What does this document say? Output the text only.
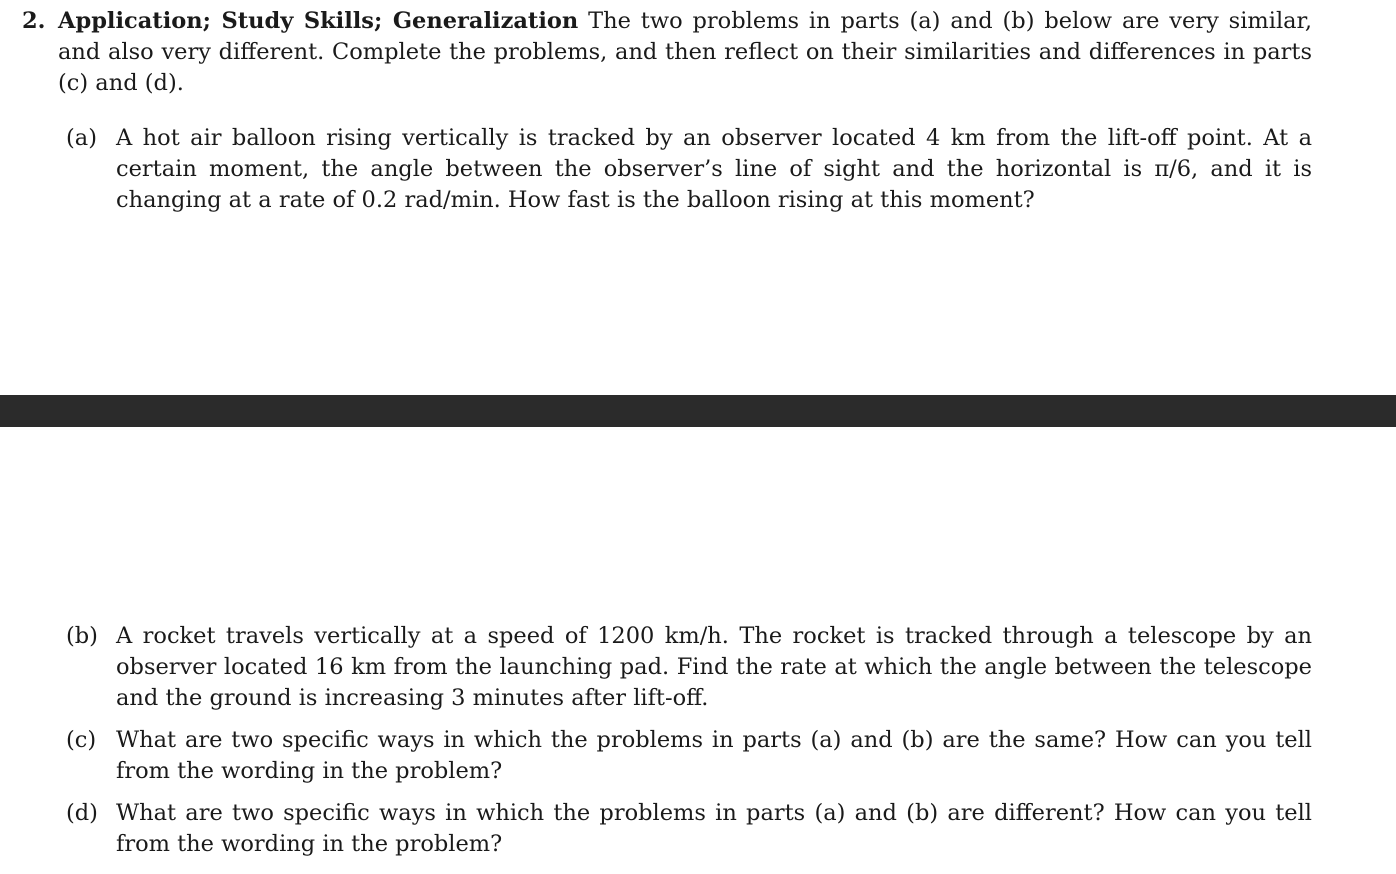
2. Application; Study Skills; Generalization The two problems in parts (a) and (b) below are very similar, and also very different. Complete the problems, and then reflect on their similarities and differences in parts (c) and (d).
(a) A hot air balloon rising vertically is tracked by an observer located 4 km from the lift-off point. At a certain moment, the angle between the observer’s line of sight and the horizontal is π/6, and it is changing at a rate of 0.2 rad/min. How fast is the balloon rising at this moment?
(b) A rocket travels vertically at a speed of 1200 km/h. The rocket is tracked through a telescope by an observer located 16 km from the launching pad. Find the rate at which the angle between the telescope and the ground is increasing 3 minutes after lift-off.
(c) What are two specific ways in which the problems in parts (a) and (b) are the same? How can you tell from the wording in the problem?
(d) What are two specific ways in which the problems in parts (a) and (b) are different? How can you tell from the wording in the problem?
